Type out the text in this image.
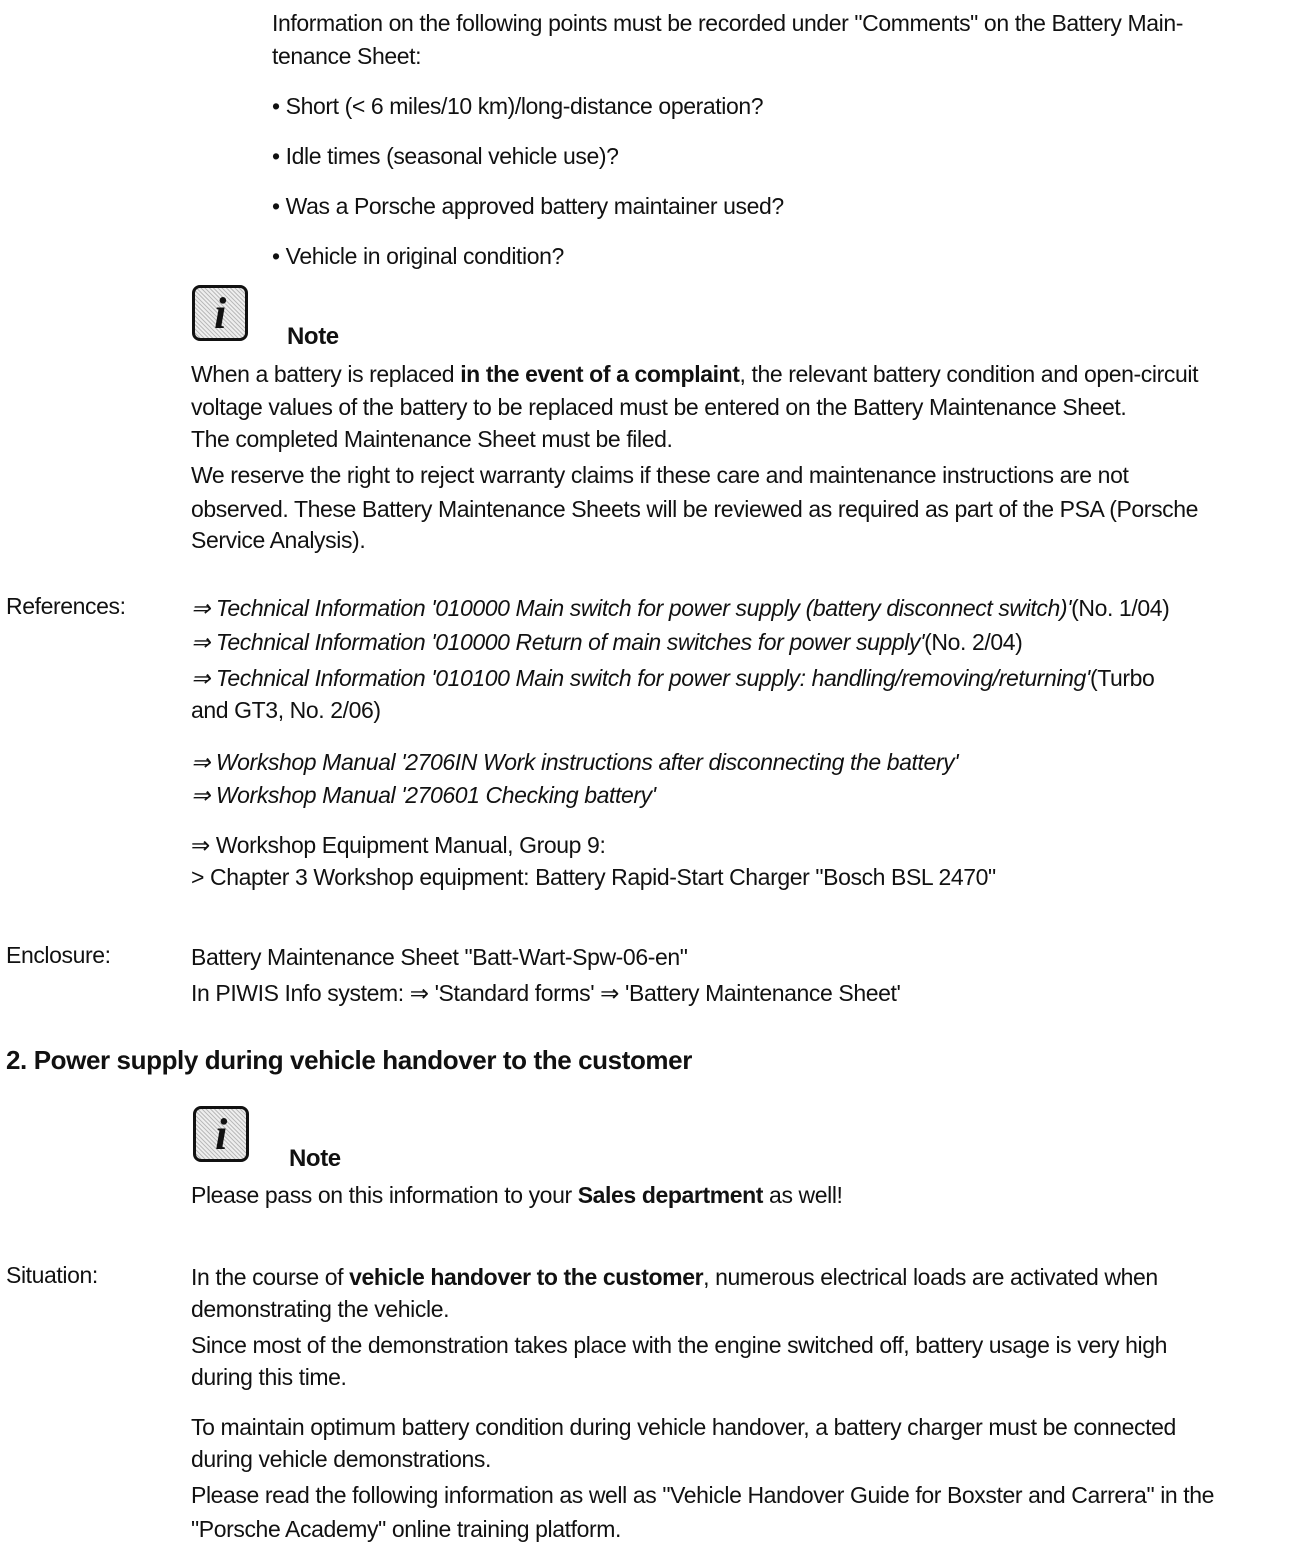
Information on the following points must be recorded under "Comments" on the Battery Main-
tenance Sheet:
• Short (< 6 miles/10 km)/long-distance operation?
• Idle times (seasonal vehicle use)?
• Was a Porsche approved battery maintainer used?
• Vehicle in original condition?
i	Note
When a battery is replaced in the event of a complaint, the relevant battery condition and open-circuit
voltage values of the battery to be replaced must be entered on the Battery Maintenance Sheet.
The completed Maintenance Sheet must be filed.
We reserve the right to reject warranty claims if these care and maintenance instructions are not
observed. These Battery Maintenance Sheets will be reviewed as required as part of the PSA (Porsche
Service Analysis).
References:	⇒ Technical Information '010000 Main switch for power supply (battery disconnect switch)'(No. 1/04)
⇒ Technical Information '010000 Return of main switches for power supply'(No. 2/04)
⇒ Technical Information '010100 Main switch for power supply: handling/removing/returning'(Turbo
and GT3, No. 2/06)
⇒ Workshop Manual '2706IN Work instructions after disconnecting the battery'
⇒ Workshop Manual '270601 Checking battery'
⇒ Workshop Equipment Manual, Group 9:
> Chapter 3 Workshop equipment: Battery Rapid-Start Charger "Bosch BSL 2470"
Enclosure:	Battery Maintenance Sheet "Batt-Wart-Spw-06-en"
In PIWIS Info system: ⇒ 'Standard forms' ⇒ 'Battery Maintenance Sheet'
2. Power supply during vehicle handover to the customer
i	Note
Please pass on this information to your Sales department as well!
Situation:	In the course of vehicle handover to the customer, numerous electrical loads are activated when
demonstrating the vehicle.
Since most of the demonstration takes place with the engine switched off, battery usage is very high
during this time.
To maintain optimum battery condition during vehicle handover, a battery charger must be connected
during vehicle demonstrations.
Please read the following information as well as "Vehicle Handover Guide for Boxster and Carrera" in the
"Porsche Academy" online training platform.
